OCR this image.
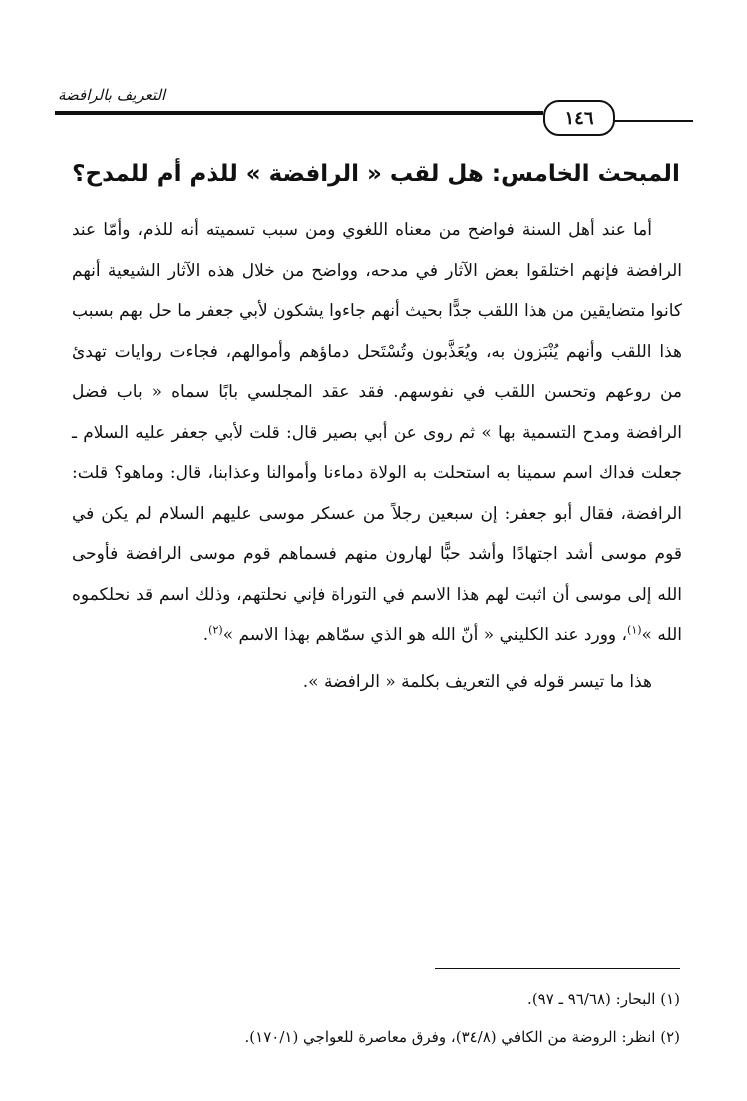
التعريف بالرافضة
١٤٦
المبحث الخامس: هل لقب « الرافضة » للذم أم للمدح؟

أما عند أهل السنة فواضح من معناه اللغوي ومن سبب تسميته أنه للذم، وأمّا عند الرافضة فإنهم اختلقوا بعض الآثار في مدحه، وواضح من خلال هذه الآثار الشيعية أنهم كانوا متضايقين من هذا اللقب جدًّا بحيث أنهم جاءوا يشكون لأبي جعفر ما حل بهم بسبب هذا اللقب وأنهم يُنْبَزون به، ويُعَذَّبون وتُسْتَحل دماؤهم وأموالهم، فجاءت روايات تهدئ من روعهم وتحسن اللقب في نفوسهم. فقد عقد المجلسي بابًا سماه « باب فضل الرافضة ومدح التسمية بها » ثم روى عن أبي بصير قال: قلت لأبي جعفر عليه السلام ـ جعلت فداك اسم سمينا به استحلت به الولاة دماءنا وأموالنا وعذابنا، قال: وماهو؟ قلت: الرافضة، فقال أبو جعفر: إن سبعين رجلاً من عسكر موسى عليهم السلام لم يكن في قوم موسى أشد اجتهادًا وأشد حبًّا لهارون منهم فسماهم قوم موسى الرافضة فأوحى الله إلى موسى أن اثبت لهم هذا الاسم في التوراة فإني نحلتهم، وذلك اسم قد نحلكموه الله »$^{(١)}$، وورد عند الكليني « أنّ الله هو الذي سمّاهم بهذا الاسم »$^{(٢)}$.

هذا ما تيسر قوله في التعريف بكلمة « الرافضة ».

(١) البحار: (٩٦/٦٨ ـ ٩٧).
(٢) انظر: الروضة من الكافي (٣٤/٨)، وفرق معاصرة للعواجي (١٧٠/١).
